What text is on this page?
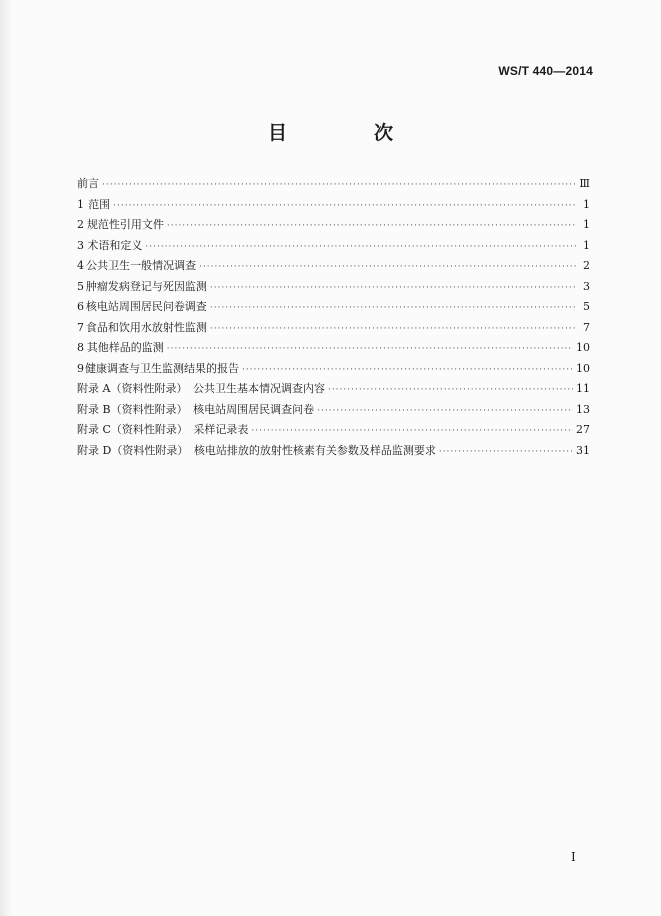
WS/T 440—2014
目　次
前言 ·····	Ⅲ
1 范围 ·····	1
2 规范性引用文件 ·····	1
3 术语和定义 ·····	1
4 公共卫生一般情况调查 ·····	2
5 肿瘤发病登记与死因监测 ·····	3
6 核电站周围居民问卷调查 ·····	5
7 食品和饮用水放射性监测 ·····	7
8 其他样品的监测 ·····	10
9 健康调查与卫生监测结果的报告 ·····	10
附录 A（资料性附录）　公共卫生基本情况调查内容 ·····	11
附录 B（资料性附录）　核电站周围居民调查问卷 ·····	13
附录 C（资料性附录）　采样记录表 ·····	27
附录 D（资料性附录）　核电站排放的放射性核素有关参数及样品监测要求 ·····	31
I
